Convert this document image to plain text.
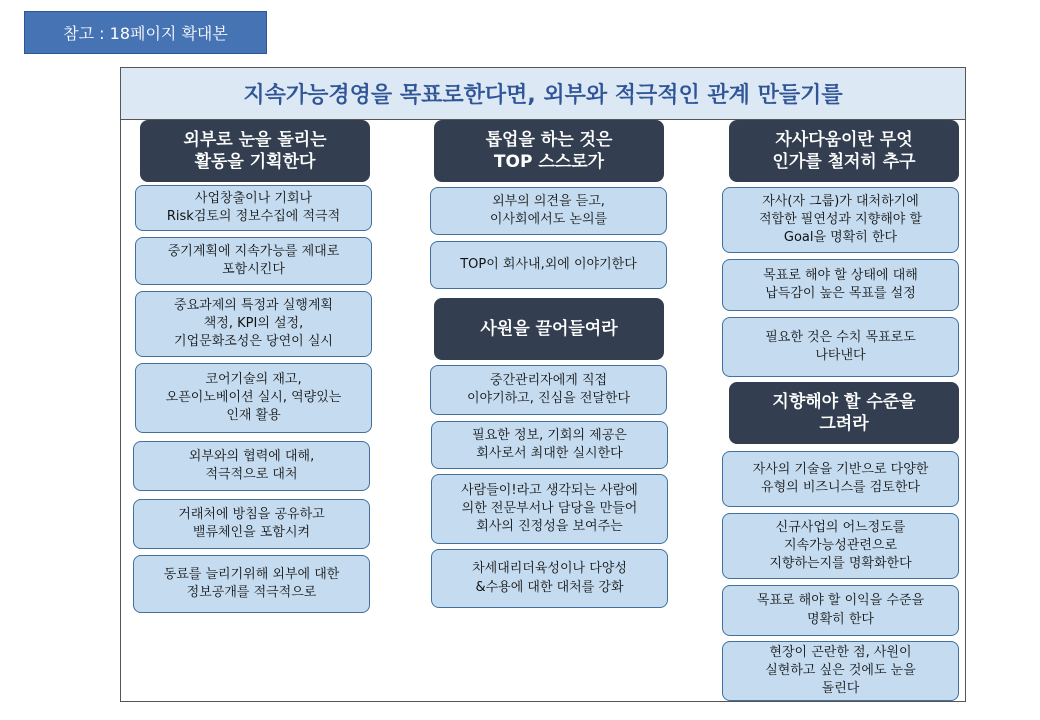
참고 : 18페이지 확대본
지속가능경영을 목표로한다면, 외부와 적극적인 관계 만들기를
외부로 눈을 돌리는
활동을 기획한다
사업창출이나 기회나
Risk검토의 정보수집에 적극적
중기계획에 지속가능를 제대로
포함시킨다
중요과제의 특정과 실행계획
책정, KPI의 설정,
기업문화조성은 당연이 실시
코어기술의 재고,
오픈이노베이션 실시, 역량있는
인재 활용
외부와의 협력에 대해,
적극적으로 대처
거래처에 방침을 공유하고
밸류체인을 포함시켜
동료를 늘리기위해 외부에 대한
정보공개를 적극적으로
톱업을 하는 것은
TOP 스스로가
외부의 의견을 듣고,
이사회에서도 논의를
TOP이 회사내,외에 이야기한다
사원을 끌어들여라
중간관리자에게 직접
이야기하고, 진심을 전달한다
필요한 정보, 기회의 제공은
회사로서 최대한 실시한다
사람들이!라고 생각되는 사람에
의한 전문부서나 담당을 만들어
회사의 진정성을 보여주는
차세대리더육성이나 다양성
&수용에 대한 대처를 강화
자사다움이란 무엇
인가를 철저히 추구
자사(자 그룹)가 대처하기에
적합한 필연성과 지향해야 할
Goal을 명확히 한다
목표로 해야 할 상태에 대해
납득감이 높은 목표를 설정
필요한 것은 수치 목표로도
나타낸다
지향해야 할 수준을
그려라
자사의 기술을 기반으로 다양한
유형의 비즈니스를 검토한다
신규사업의 어느정도를
지속가능성관련으로
지향하는지를 명확화한다
목표로 해야 할 이익을 수준을
명확히 한다
현장이 곤란한 점, 사원이
실현하고 싶은 것에도 눈을
돌린다
